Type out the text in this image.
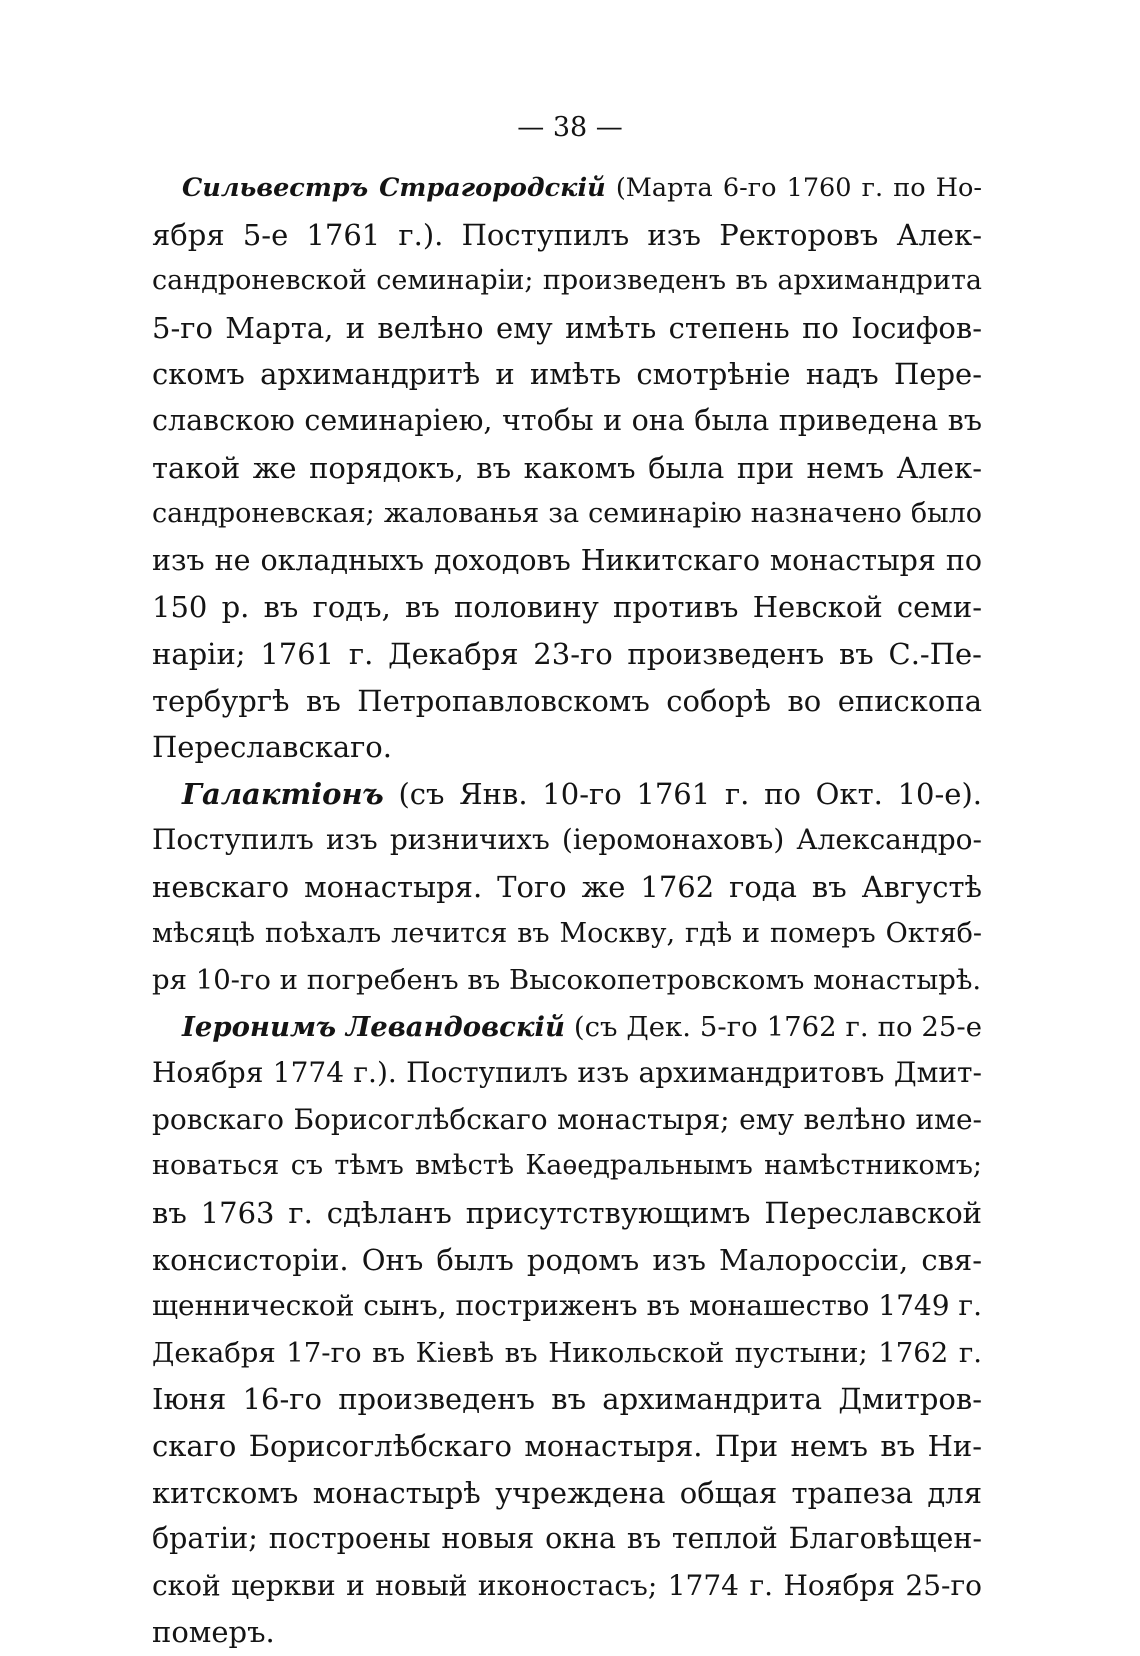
— 38 —
Сильвестръ Страгородскій (Марта 6-го 1760 г. по Но-
ября 5-е 1761 г.). Поступилъ изъ Ректоровъ Алек-
сандроневской семинаріи; произведенъ въ архимандрита
5-го Марта, и велѣно ему имѣть степень по Іосифов-
скомъ архимандритѣ и имѣть смотрѣніе надъ Пере-
славскою семинаріею, чтобы и она была приведена въ
такой же порядокъ, въ какомъ была при немъ Алек-
сандроневская; жалованья за семинарію назначено было
изъ не окладныхъ доходовъ Никитскаго монастыря по
150 р. въ годъ, въ половину противъ Невской семи-
наріи; 1761 г. Декабря 23-го произведенъ въ С.-Пе-
тербургѣ въ Петропавловскомъ соборѣ во епископа
Переславскаго.
Галактіонъ (съ Янв. 10-го 1761 г. по Окт. 10-е).
Поступилъ изъ ризничихъ (іеромонаховъ) Александро-
невскаго монастыря. Того же 1762 года въ Августѣ
мѣсяцѣ поѣхалъ лечится въ Москву, гдѣ и померъ Октяб-
ря 10-го и погребенъ въ Высокопетровскомъ монастырѣ.
Іеронимъ Левандовскій (съ Дек. 5-го 1762 г. по 25-е
Ноября 1774 г.). Поступилъ изъ архимандритовъ Дмит-
ровскаго Борисоглѣбскаго монастыря; ему велѣно име-
новаться съ тѣмъ вмѣстѣ Каѳедральнымъ намѣстникомъ;
въ 1763 г. сдѣланъ присутствующимъ Переславской
консисторіи. Онъ былъ родомъ изъ Малороссіи, свя-
щеннической сынъ, постриженъ въ монашество 1749 г.
Декабря 17-го въ Кіевѣ въ Никольской пустыни; 1762 г.
Іюня 16-го произведенъ въ архимандрита Дмитров-
скаго Борисоглѣбскаго монастыря. При немъ въ Ни-
китскомъ монастырѣ учреждена общая трапеза для
братіи; построены новыя окна въ теплой Благовѣщен-
ской церкви и новый иконостасъ; 1774 г. Ноября 25-го
померъ.
